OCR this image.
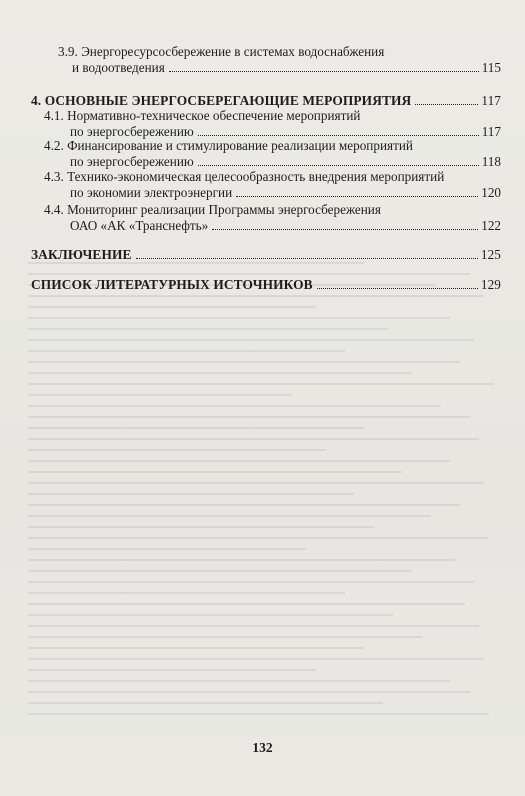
3.9. Энергоресурсосбережение в системах водоснабжения
и водоотведения	115
4. ОСНОВНЫЕ ЭНЕРГОСБЕРЕГАЮЩИЕ МЕРОПРИЯТИЯ	117
4.1. Нормативно-техническое обеспечение мероприятий
по энергосбережению	117
4.2. Финансирование и стимулирование реализации мероприятий
по энергосбережению	118
4.3. Технико-экономическая целесообразность внедрения мероприятий
по экономии электроэнергии	120
4.4. Мониторинг реализации Программы энергосбережения
ОАО «АК «Транснефть»	122
ЗАКЛЮЧЕНИЕ	125
СПИСОК ЛИТЕРАТУРНЫХ ИСТОЧНИКОВ	129
132
